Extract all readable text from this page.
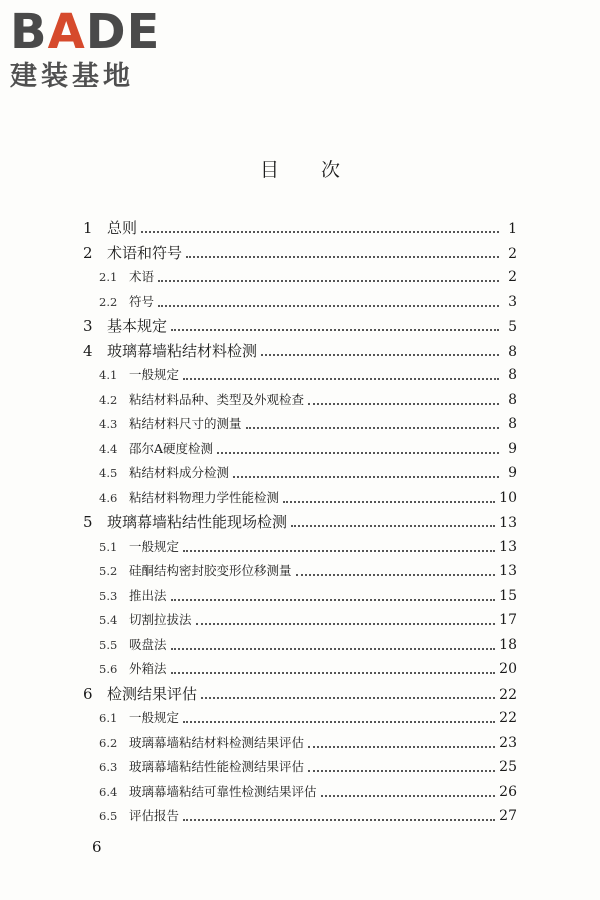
BADE
建装基地
目次
1 总则	1
2 术语和符号	2
2.1 术语	2
2.2 符号	3
3 基本规定	5
4 玻璃幕墙粘结材料检测	8
4.1 一般规定	8
4.2 粘结材料品种、类型及外观检查	8
4.3 粘结材料尺寸的测量	8
4.4 邵尔A硬度检测	9
4.5 粘结材料成分检测	9
4.6 粘结材料物理力学性能检测	10
5 玻璃幕墙粘结性能现场检测	13
5.1 一般规定	13
5.2 硅酮结构密封胶变形位移测量	13
5.3 推出法	15
5.4 切割拉拔法	17
5.5 吸盘法	18
5.6 外箱法	20
6 检测结果评估	22
6.1 一般规定	22
6.2 玻璃幕墙粘结材料检测结果评估	23
6.3 玻璃幕墙粘结性能检测结果评估	25
6.4 玻璃幕墙粘结可靠性检测结果评估	26
6.5 评估报告	27
6
